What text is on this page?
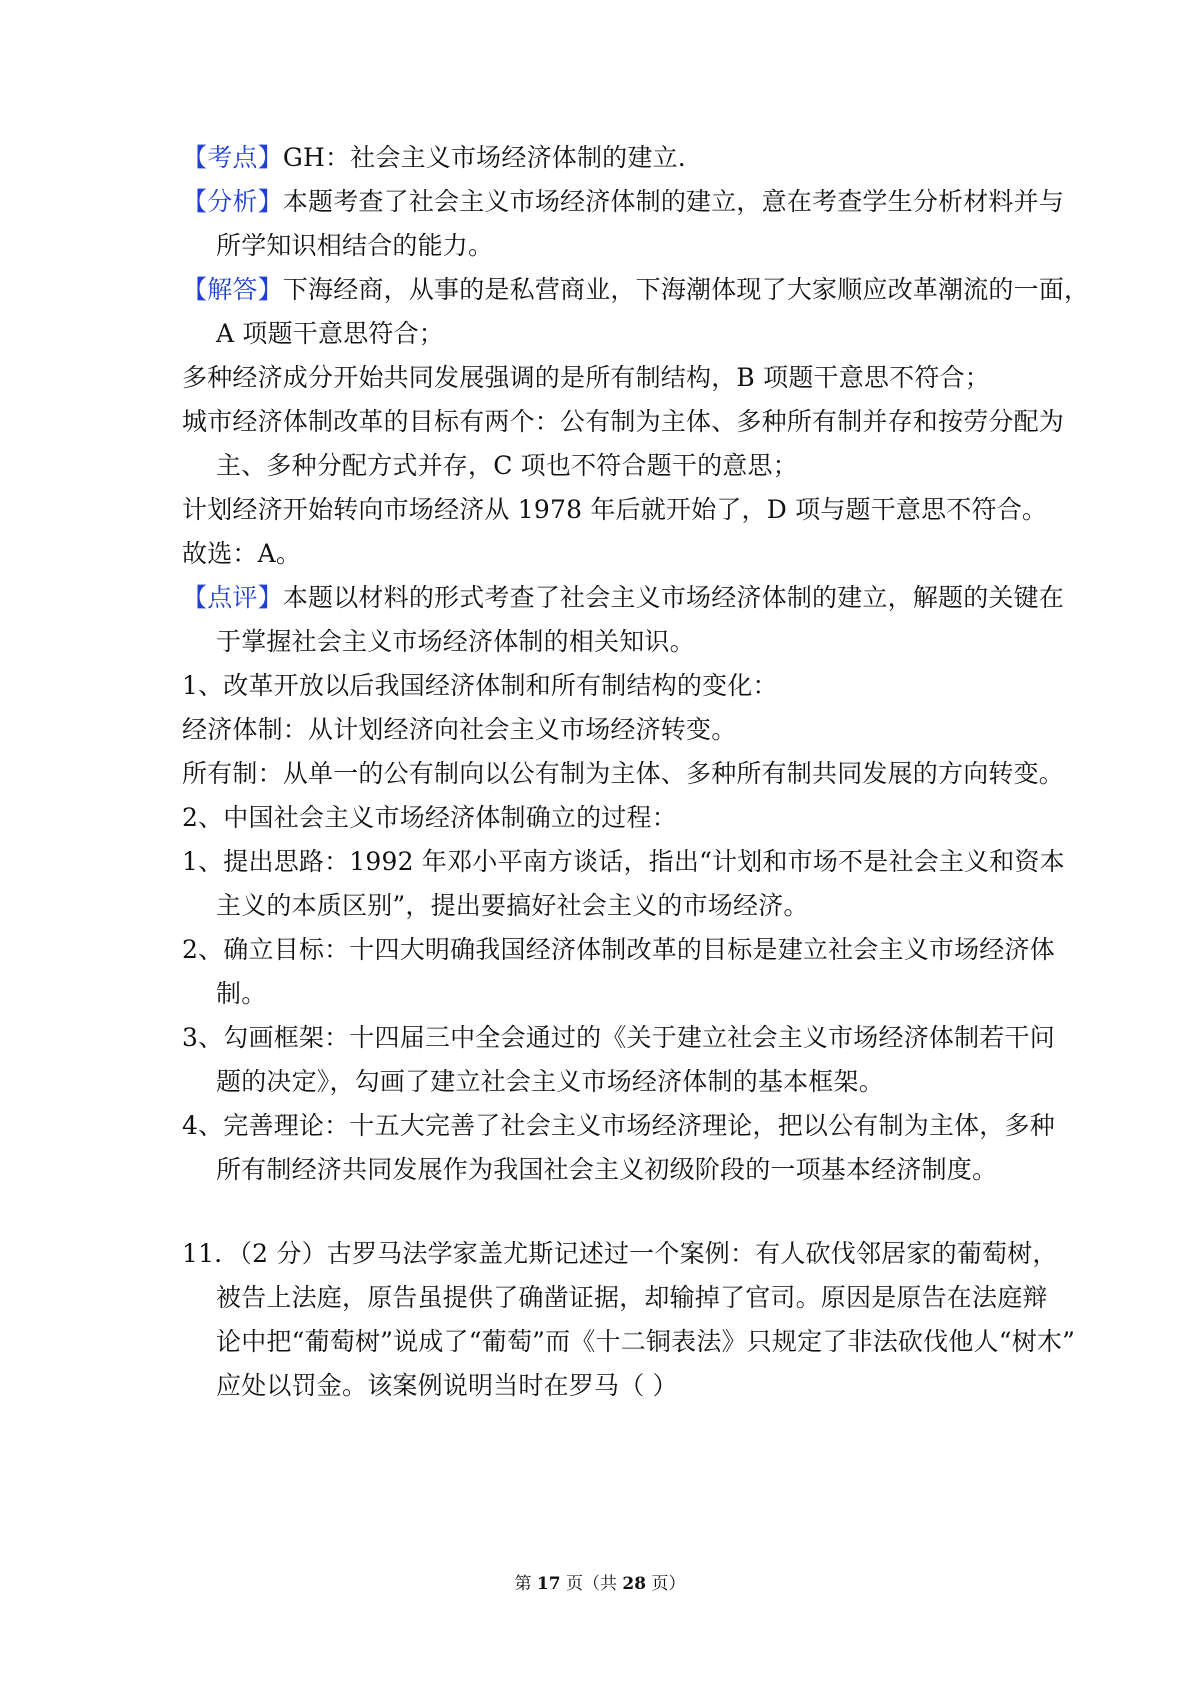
【考点】GH：社会主义市场经济体制的建立.
【分析】本题考查了社会主义市场经济体制的建立，意在考查学生分析材料并与
所学知识相结合的能力。
【解答】下海经商，从事的是私营商业，下海潮体现了大家顺应改革潮流的一面，
A 项题干意思符合；
多种经济成分开始共同发展强调的是所有制结构，B 项题干意思不符合；
城市经济体制改革的目标有两个：公有制为主体、多种所有制并存和按劳分配为
主、多种分配方式并存，C 项也不符合题干的意思；
计划经济开始转向市场经济从 1978 年后就开始了，D 项与题干意思不符合。
故选：A。
【点评】本题以材料的形式考查了社会主义市场经济体制的建立，解题的关键在
于掌握社会主义市场经济体制的相关知识。
1、改革开放以后我国经济体制和所有制结构的变化：
经济体制：从计划经济向社会主义市场经济转变。
所有制：从单一的公有制向以公有制为主体、多种所有制共同发展的方向转变。
2、中国社会主义市场经济体制确立的过程：
1、提出思路：1992 年邓小平南方谈话，指出“计划和市场不是社会主义和资本
主义的本质区别”，提出要搞好社会主义的市场经济。
2、确立目标：十四大明确我国经济体制改革的目标是建立社会主义市场经济体
制。
3、勾画框架：十四届三中全会通过的《关于建立社会主义市场经济体制若干问
题的决定》，勾画了建立社会主义市场经济体制的基本框架。
4、完善理论：十五大完善了社会主义市场经济理论，把以公有制为主体，多种
所有制经济共同发展作为我国社会主义初级阶段的一项基本经济制度。
11．（2 分）古罗马法学家盖尤斯记述过一个案例：有人砍伐邻居家的葡萄树，
被告上法庭，原告虽提供了确凿证据，却输掉了官司。原因是原告在法庭辩
论中把“葡萄树”说成了“葡萄”而《十二铜表法》只规定了非法砍伐他人“树木”
应处以罚金。该案例说明当时在罗马（ ）
第 17 页（共 28 页）
